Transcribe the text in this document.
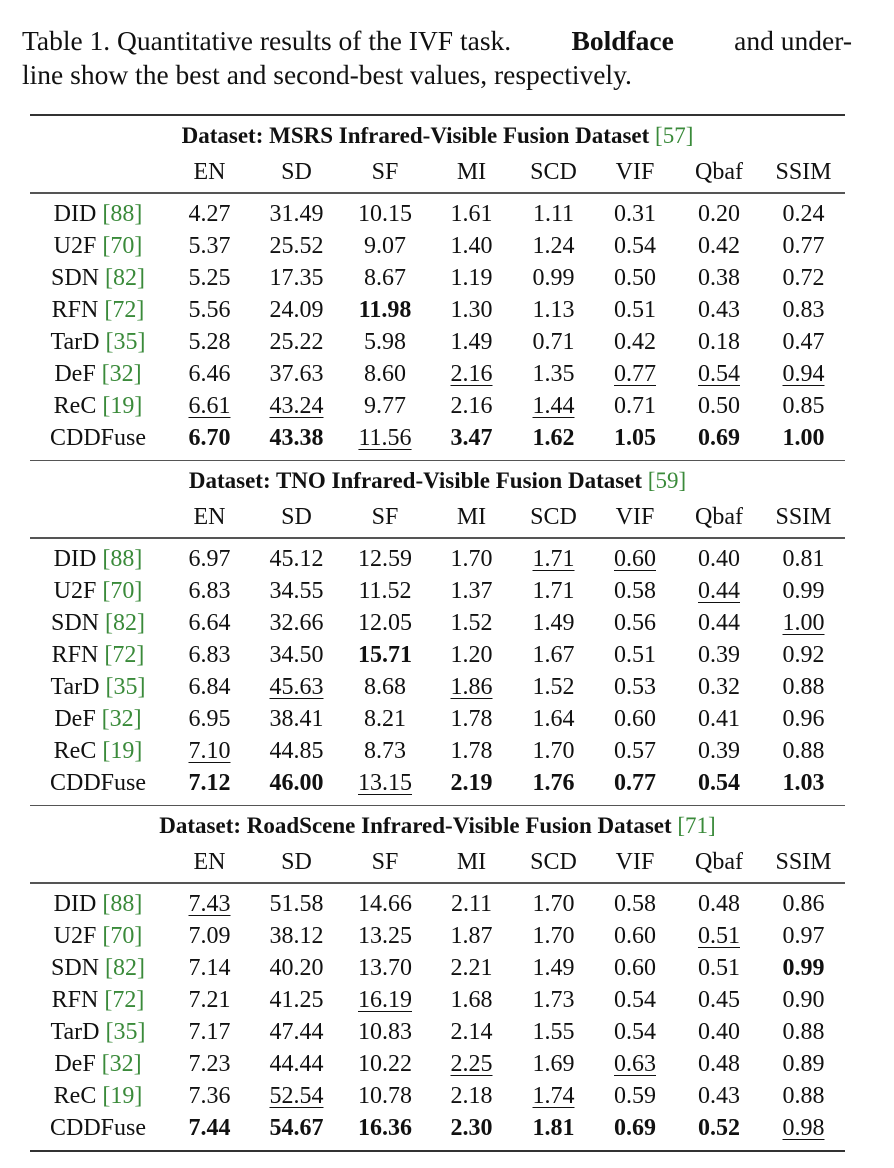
Table 1. Quantitative results of the IVF task. Boldface and under-
line show the best and second-best values, respectively.
Dataset: MSRS Infrared-Visible Fusion Dataset [57]
EN	SD	SF	MI	SCD	VIF	Qbaf	SSIM
DID [88]	4.27	31.49	10.15	1.61	1.11	0.31	0.20	0.24
U2F [70]	5.37	25.52	9.07	1.40	1.24	0.54	0.42	0.77
SDN [82]	5.25	17.35	8.67	1.19	0.99	0.50	0.38	0.72
RFN [72]	5.56	24.09	11.98	1.30	1.13	0.51	0.43	0.83
TarD [35]	5.28	25.22	5.98	1.49	0.71	0.42	0.18	0.47
DeF [32]	6.46	37.63	8.60	2.16	1.35	0.77	0.54	0.94
ReC [19]	6.61	43.24	9.77	2.16	1.44	0.71	0.50	0.85
CDDFuse	6.70	43.38	11.56	3.47	1.62	1.05	0.69	1.00
Dataset: TNO Infrared-Visible Fusion Dataset [59]
EN	SD	SF	MI	SCD	VIF	Qbaf	SSIM
DID [88]	6.97	45.12	12.59	1.70	1.71	0.60	0.40	0.81
U2F [70]	6.83	34.55	11.52	1.37	1.71	0.58	0.44	0.99
SDN [82]	6.64	32.66	12.05	1.52	1.49	0.56	0.44	1.00
RFN [72]	6.83	34.50	15.71	1.20	1.67	0.51	0.39	0.92
TarD [35]	6.84	45.63	8.68	1.86	1.52	0.53	0.32	0.88
DeF [32]	6.95	38.41	8.21	1.78	1.64	0.60	0.41	0.96
ReC [19]	7.10	44.85	8.73	1.78	1.70	0.57	0.39	0.88
CDDFuse	7.12	46.00	13.15	2.19	1.76	0.77	0.54	1.03
Dataset: RoadScene Infrared-Visible Fusion Dataset [71]
EN	SD	SF	MI	SCD	VIF	Qbaf	SSIM
DID [88]	7.43	51.58	14.66	2.11	1.70	0.58	0.48	0.86
U2F [70]	7.09	38.12	13.25	1.87	1.70	0.60	0.51	0.97
SDN [82]	7.14	40.20	13.70	2.21	1.49	0.60	0.51	0.99
RFN [72]	7.21	41.25	16.19	1.68	1.73	0.54	0.45	0.90
TarD [35]	7.17	47.44	10.83	2.14	1.55	0.54	0.40	0.88
DeF [32]	7.23	44.44	10.22	2.25	1.69	0.63	0.48	0.89
ReC [19]	7.36	52.54	10.78	2.18	1.74	0.59	0.43	0.88
CDDFuse	7.44	54.67	16.36	2.30	1.81	0.69	0.52	0.98
